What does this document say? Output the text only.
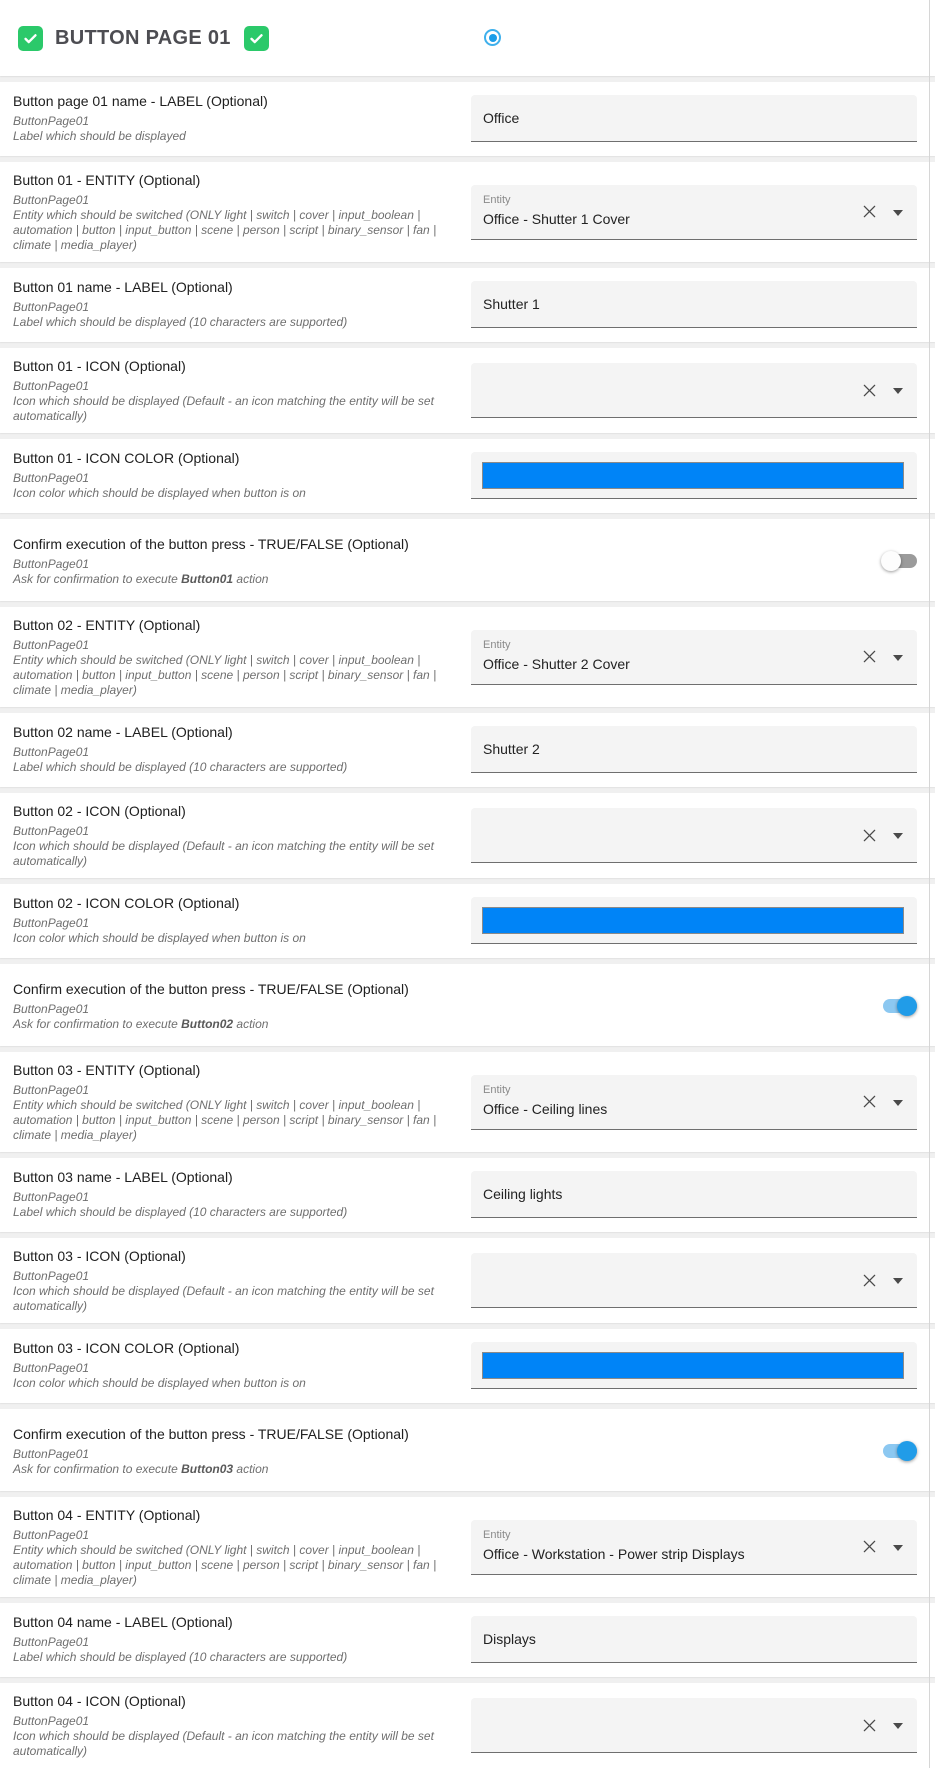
BUTTON PAGE 01
Button page 01 name - LABEL (Optional)
ButtonPage01
Label which should be displayed
Office
Button 01 - ENTITY (Optional)
ButtonPage01
Entity which should be switched (ONLY light | switch | cover | input_boolean | automation | button | input_button | scene | person | script | binary_sensor | fan | climate | media_player)
Entity
Office - Shutter 1 Cover
Button 01 name - LABEL (Optional)
ButtonPage01
Label which should be displayed (10 characters are supported)
Shutter 1
Button 01 - ICON (Optional)
ButtonPage01
Icon which should be displayed (Default - an icon matching the entity will be set automatically)
Button 01 - ICON COLOR (Optional)
ButtonPage01
Icon color which should be displayed when button is on
Confirm execution of the button press - TRUE/FALSE (Optional)
ButtonPage01
Ask for confirmation to execute Button01 action
Button 02 - ENTITY (Optional)
ButtonPage01
Entity which should be switched (ONLY light | switch | cover | input_boolean | automation | button | input_button | scene | person | script | binary_sensor | fan | climate | media_player)
Entity
Office - Shutter 2 Cover
Button 02 name - LABEL (Optional)
ButtonPage01
Label which should be displayed (10 characters are supported)
Shutter 2
Button 02 - ICON (Optional)
ButtonPage01
Icon which should be displayed (Default - an icon matching the entity will be set automatically)
Button 02 - ICON COLOR (Optional)
ButtonPage01
Icon color which should be displayed when button is on
Confirm execution of the button press - TRUE/FALSE (Optional)
ButtonPage01
Ask for confirmation to execute Button02 action
Button 03 - ENTITY (Optional)
ButtonPage01
Entity which should be switched (ONLY light | switch | cover | input_boolean | automation | button | input_button | scene | person | script | binary_sensor | fan | climate | media_player)
Entity
Office - Ceiling lines
Button 03 name - LABEL (Optional)
ButtonPage01
Label which should be displayed (10 characters are supported)
Ceiling lights
Button 03 - ICON (Optional)
ButtonPage01
Icon which should be displayed (Default - an icon matching the entity will be set automatically)
Button 03 - ICON COLOR (Optional)
ButtonPage01
Icon color which should be displayed when button is on
Confirm execution of the button press - TRUE/FALSE (Optional)
ButtonPage01
Ask for confirmation to execute Button03 action
Button 04 - ENTITY (Optional)
ButtonPage01
Entity which should be switched (ONLY light | switch | cover | input_boolean | automation | button | input_button | scene | person | script | binary_sensor | fan | climate | media_player)
Entity
Office - Workstation - Power strip Displays
Button 04 name - LABEL (Optional)
ButtonPage01
Label which should be displayed (10 characters are supported)
Displays
Button 04 - ICON (Optional)
ButtonPage01
Icon which should be displayed (Default - an icon matching the entity will be set automatically)
